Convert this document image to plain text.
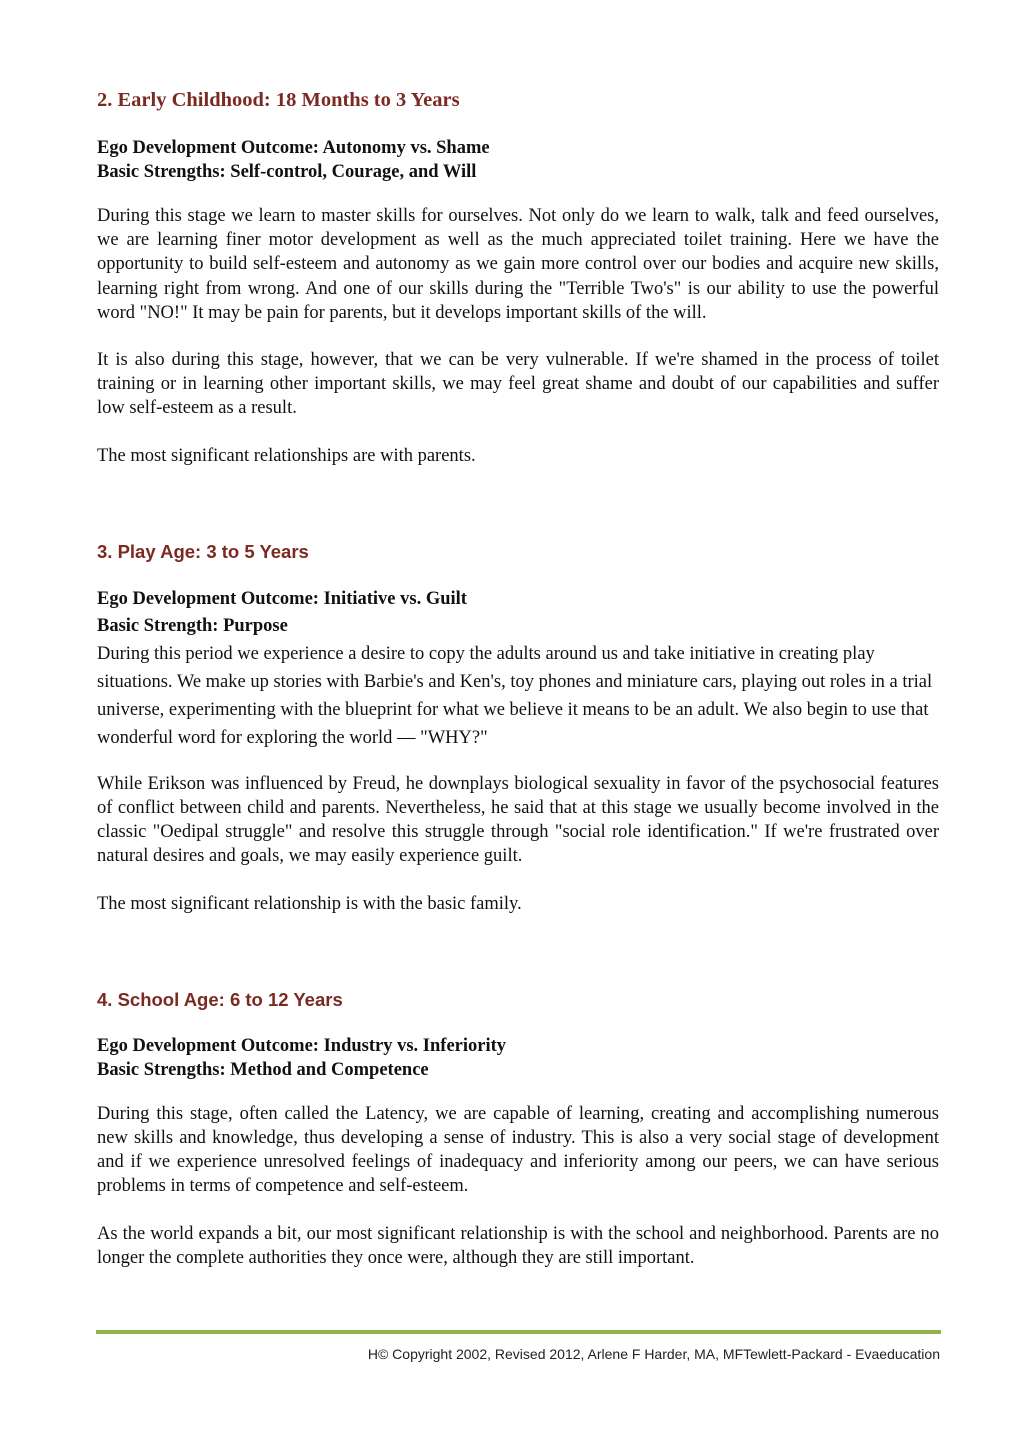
2. Early Childhood: 18 Months to 3 Years

Ego Development Outcome: Autonomy vs. Shame

Basic Strengths: Self-control, Courage, and Will

During this stage we learn to master skills for ourselves. Not only do we learn to walk, talk and feed ourselves, we are learning finer motor development as well as the much appreciated toilet training. Here we have the opportunity to build self-esteem and autonomy as we gain more control over our bodies and acquire new skills, learning right from wrong. And one of our skills during the "Terrible Two's" is our ability to use the powerful word "NO!" It may be pain for parents, but it develops important skills of the will.

It is also during this stage, however, that we can be very vulnerable. If we're shamed in the process of toilet training or in learning other important skills, we may feel great shame and doubt of our capabilities and suffer low self-esteem as a result.

The most significant relationships are with parents.

3. Play Age: 3 to 5 Years

Ego Development Outcome: Initiative vs. Guilt

Basic Strength: Purpose

During this period we experience a desire to copy the adults around us and take initiative in creating play situations. We make up stories with Barbie's and Ken's, toy phones and miniature cars, playing out roles in a trial universe, experimenting with the blueprint for what we believe it means to be an adult. We also begin to use that wonderful word for exploring the world — "WHY?"

While Erikson was influenced by Freud, he downplays biological sexuality in favor of the psychosocial features of conflict between child and parents. Nevertheless, he said that at this stage we usually become involved in the classic "Oedipal struggle" and resolve this struggle through "social role identification." If we're frustrated over natural desires and goals, we may easily experience guilt.

The most significant relationship is with the basic family.

4. School Age: 6 to 12 Years

Ego Development Outcome: Industry vs. Inferiority

Basic Strengths: Method and Competence

During this stage, often called the Latency, we are capable of learning, creating and accomplishing numerous new skills and knowledge, thus developing a sense of industry. This is also a very social stage of development and if we experience unresolved feelings of inadequacy and inferiority among our peers, we can have serious problems in terms of competence and self-esteem.

As the world expands a bit, our most significant relationship is with the school and neighborhood. Parents are no longer the complete authorities they once were, although they are still important.

H© Copyright 2002, Revised 2012, Arlene F Harder, MA, MFTewlett-Packard - Evaeducation
